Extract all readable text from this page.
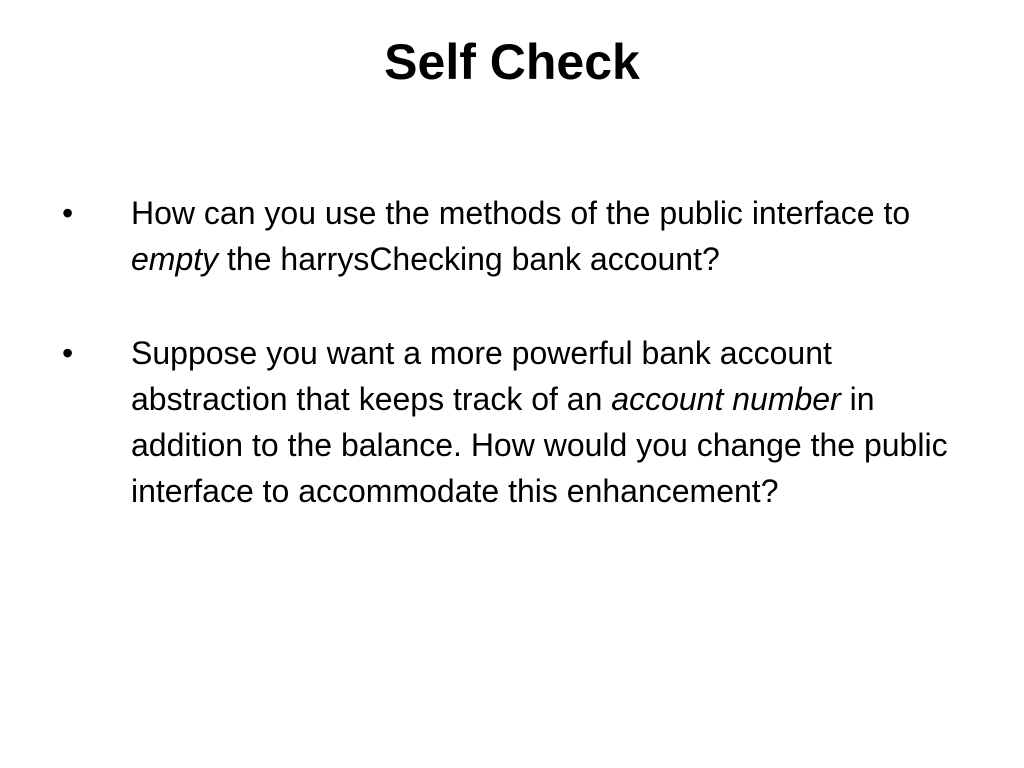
Self Check
• How can you use the methods of the public interface to empty the harrysChecking bank account?
• Suppose you want a more powerful bank account abstraction that keeps track of an account number in addition to the balance. How would you change the public interface to accommodate this enhancement?
